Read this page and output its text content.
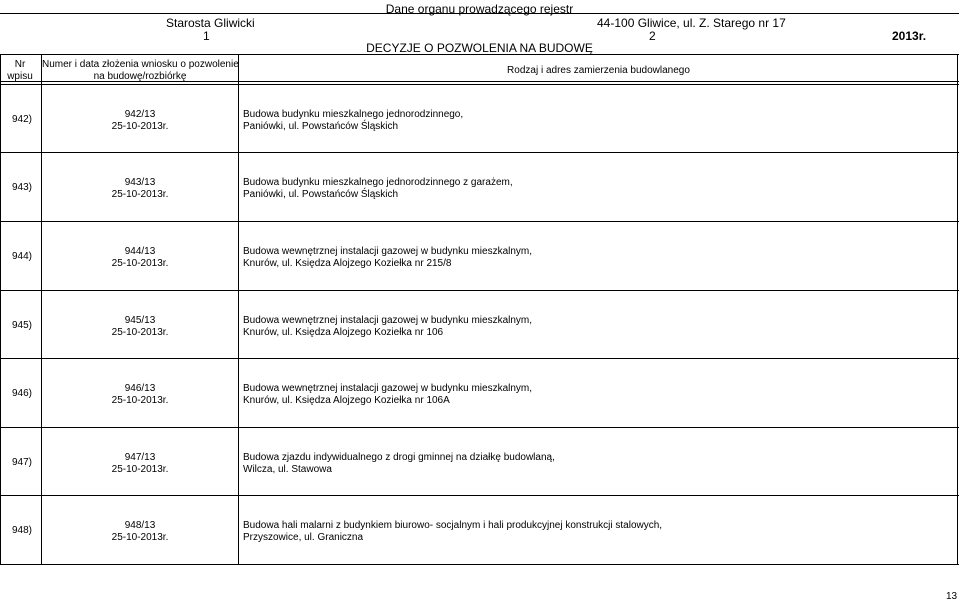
Dane organu prowadzącego rejestr
Starosta Gliwicki	44-100 Gliwice, ul. Z. Starego nr 17
1	2	2013r.
DECYZJE O POZWOLENIA NA BUDOWĘ
Nr
wpisu
Numer i data złożenia wniosku o pozwolenie
na budowę/rozbiórkę
Rodzaj i adres zamierzenia budowlanego
942)	942/13
25-10-2013r.
Budowa budynku mieszkalnego jednorodzinnego,
Paniówki, ul. Powstańców Śląskich
943)	943/13
25-10-2013r.
Budowa budynku mieszkalnego jednorodzinnego z garażem,
Paniówki, ul. Powstańców Śląskich
944)	944/13
25-10-2013r.
Budowa wewnętrznej instalacji gazowej w budynku mieszkalnym,
Knurów, ul. Księdza Alojzego Koziełka nr 215/8
945)	945/13
25-10-2013r.
Budowa wewnętrznej instalacji gazowej w budynku mieszkalnym,
Knurów, ul. Księdza Alojzego Koziełka nr 106
946)	946/13
25-10-2013r.
Budowa wewnętrznej instalacji gazowej w budynku mieszkalnym,
Knurów, ul. Księdza Alojzego Koziełka nr 106A
947)	947/13
25-10-2013r.
Budowa zjazdu indywidualnego z drogi gminnej na działkę budowlaną,
Wilcza, ul. Stawowa
948)	948/13
25-10-2013r.
Budowa hali malarni z budynkiem biurowo- socjalnym i hali produkcyjnej konstrukcji stalowych,
Przyszowice, ul. Graniczna
13
